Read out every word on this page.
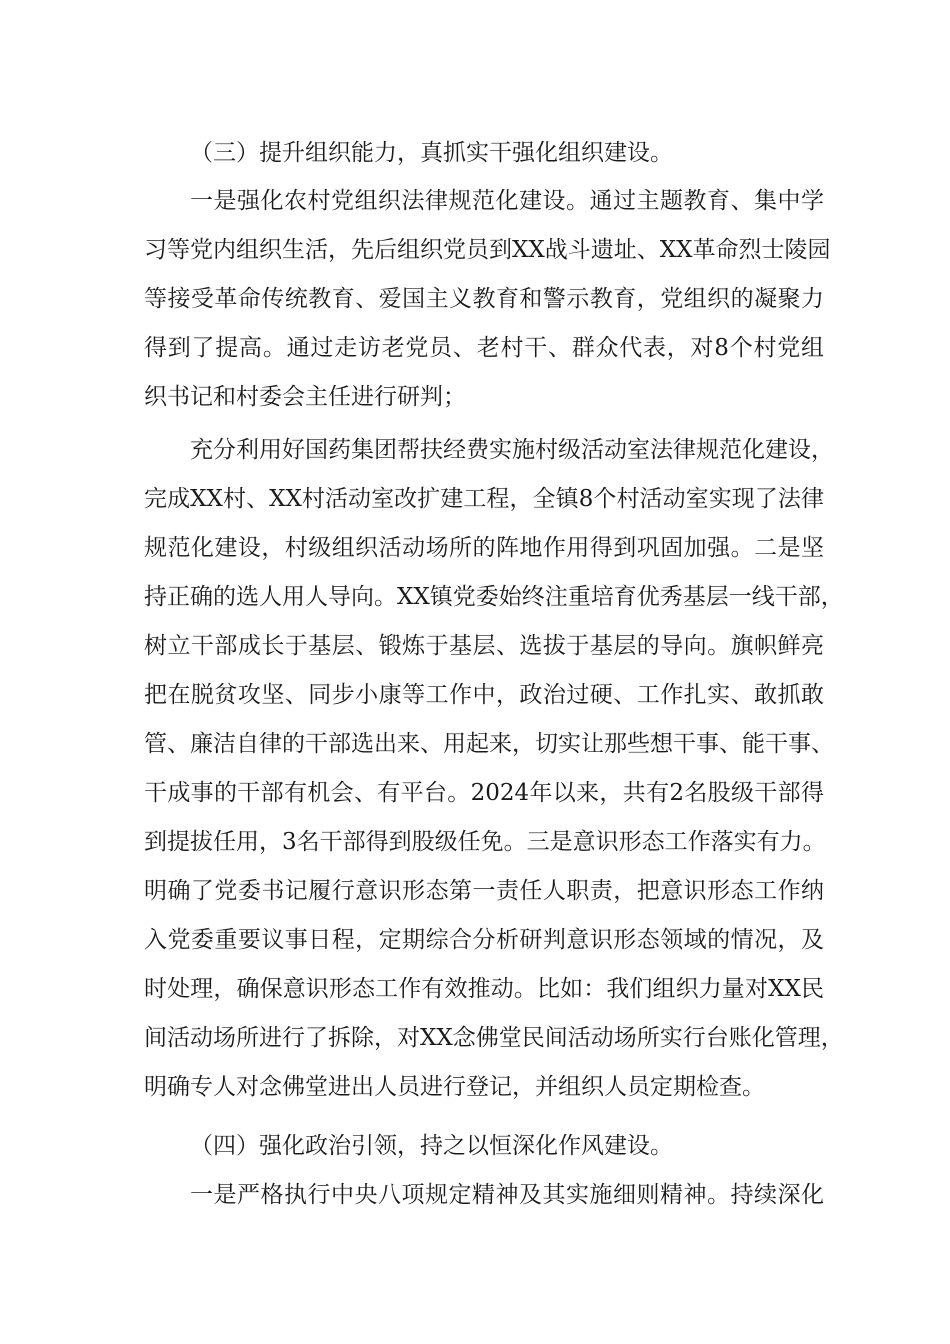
（三）提升组织能力，真抓实干强化组织建设。
一是强化农村党组织法律规范化建设。通过主题教育、集中学
习等党内组织生活，先后组织党员到XX战斗遗址、XX革命烈士陵园
等接受革命传统教育、爱国主义教育和警示教育，党组织的凝聚力
得到了提高。通过走访老党员、老村干、群众代表，对8个村党组
织书记和村委会主任进行研判；
充分利用好国药集团帮扶经费实施村级活动室法律规范化建设，
完成XX村、XX村活动室改扩建工程，全镇8个村活动室实现了法律
规范化建设，村级组织活动场所的阵地作用得到巩固加强。二是坚
持正确的选人用人导向。XX镇党委始终注重培育优秀基层一线干部，
树立干部成长于基层、锻炼于基层、选拔于基层的导向。旗帜鲜亮
把在脱贫攻坚、同步小康等工作中，政治过硬、工作扎实、敢抓敢
管、廉洁自律的干部选出来、用起来，切实让那些想干事、能干事、
干成事的干部有机会、有平台。2024年以来，共有2名股级干部得
到提拔任用，3名干部得到股级任免。三是意识形态工作落实有力。
明确了党委书记履行意识形态第一责任人职责，把意识形态工作纳
入党委重要议事日程，定期综合分析研判意识形态领域的情况，及
时处理，确保意识形态工作有效推动。比如：我们组织力量对XX民
间活动场所进行了拆除，对XX念佛堂民间活动场所实行台账化管理，
明确专人对念佛堂进出人员进行登记，并组织人员定期检查。
（四）强化政治引领，持之以恒深化作风建设。
一是严格执行中央八项规定精神及其实施细则精神。持续深化
